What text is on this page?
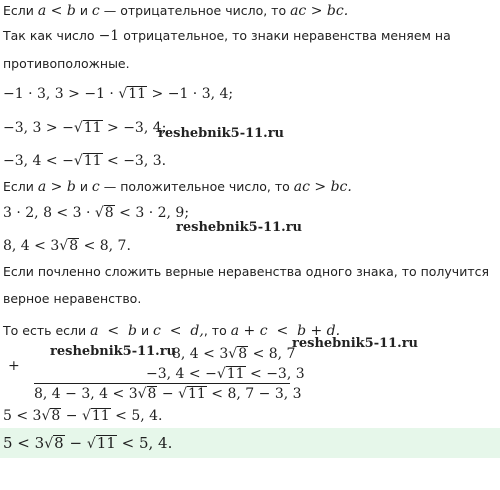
Если a < b и c — отрицательное число, то ac > bc.
Так как число −1 отрицательное, то знаки неравенства меняем на
противоположные.
−1 · 3, 3 > −1 · √11 > −1 · 3, 4;
−3, 3 > −√11 > −3, 4;
reshebnik5-11.ru
−3, 4 < −√11 < −3, 3.
Если a > b и c — положительное число, то ac > bc.
3 · 2, 8 < 3 · √8 < 3 · 2, 9;
reshebnik5-11.ru
8, 4 < 3√8 < 8, 7.
Если почленно сложить верные неравенства одного знака, то получится
верное неравенство.
То есть если a  <  b и c  <  d,, то a + c  <  b + d.
reshebnik5-11.ru
reshebnik5-11.ru
+
8, 4 < 3√8 < 8, 7
−3, 4 < −√11 < −3, 3
8, 4 − 3, 4 < 3√8 − √11 < 8, 7 − 3, 3
5 < 3√8 − √11 < 5, 4.
5 < 3√8 − √11 < 5, 4.
